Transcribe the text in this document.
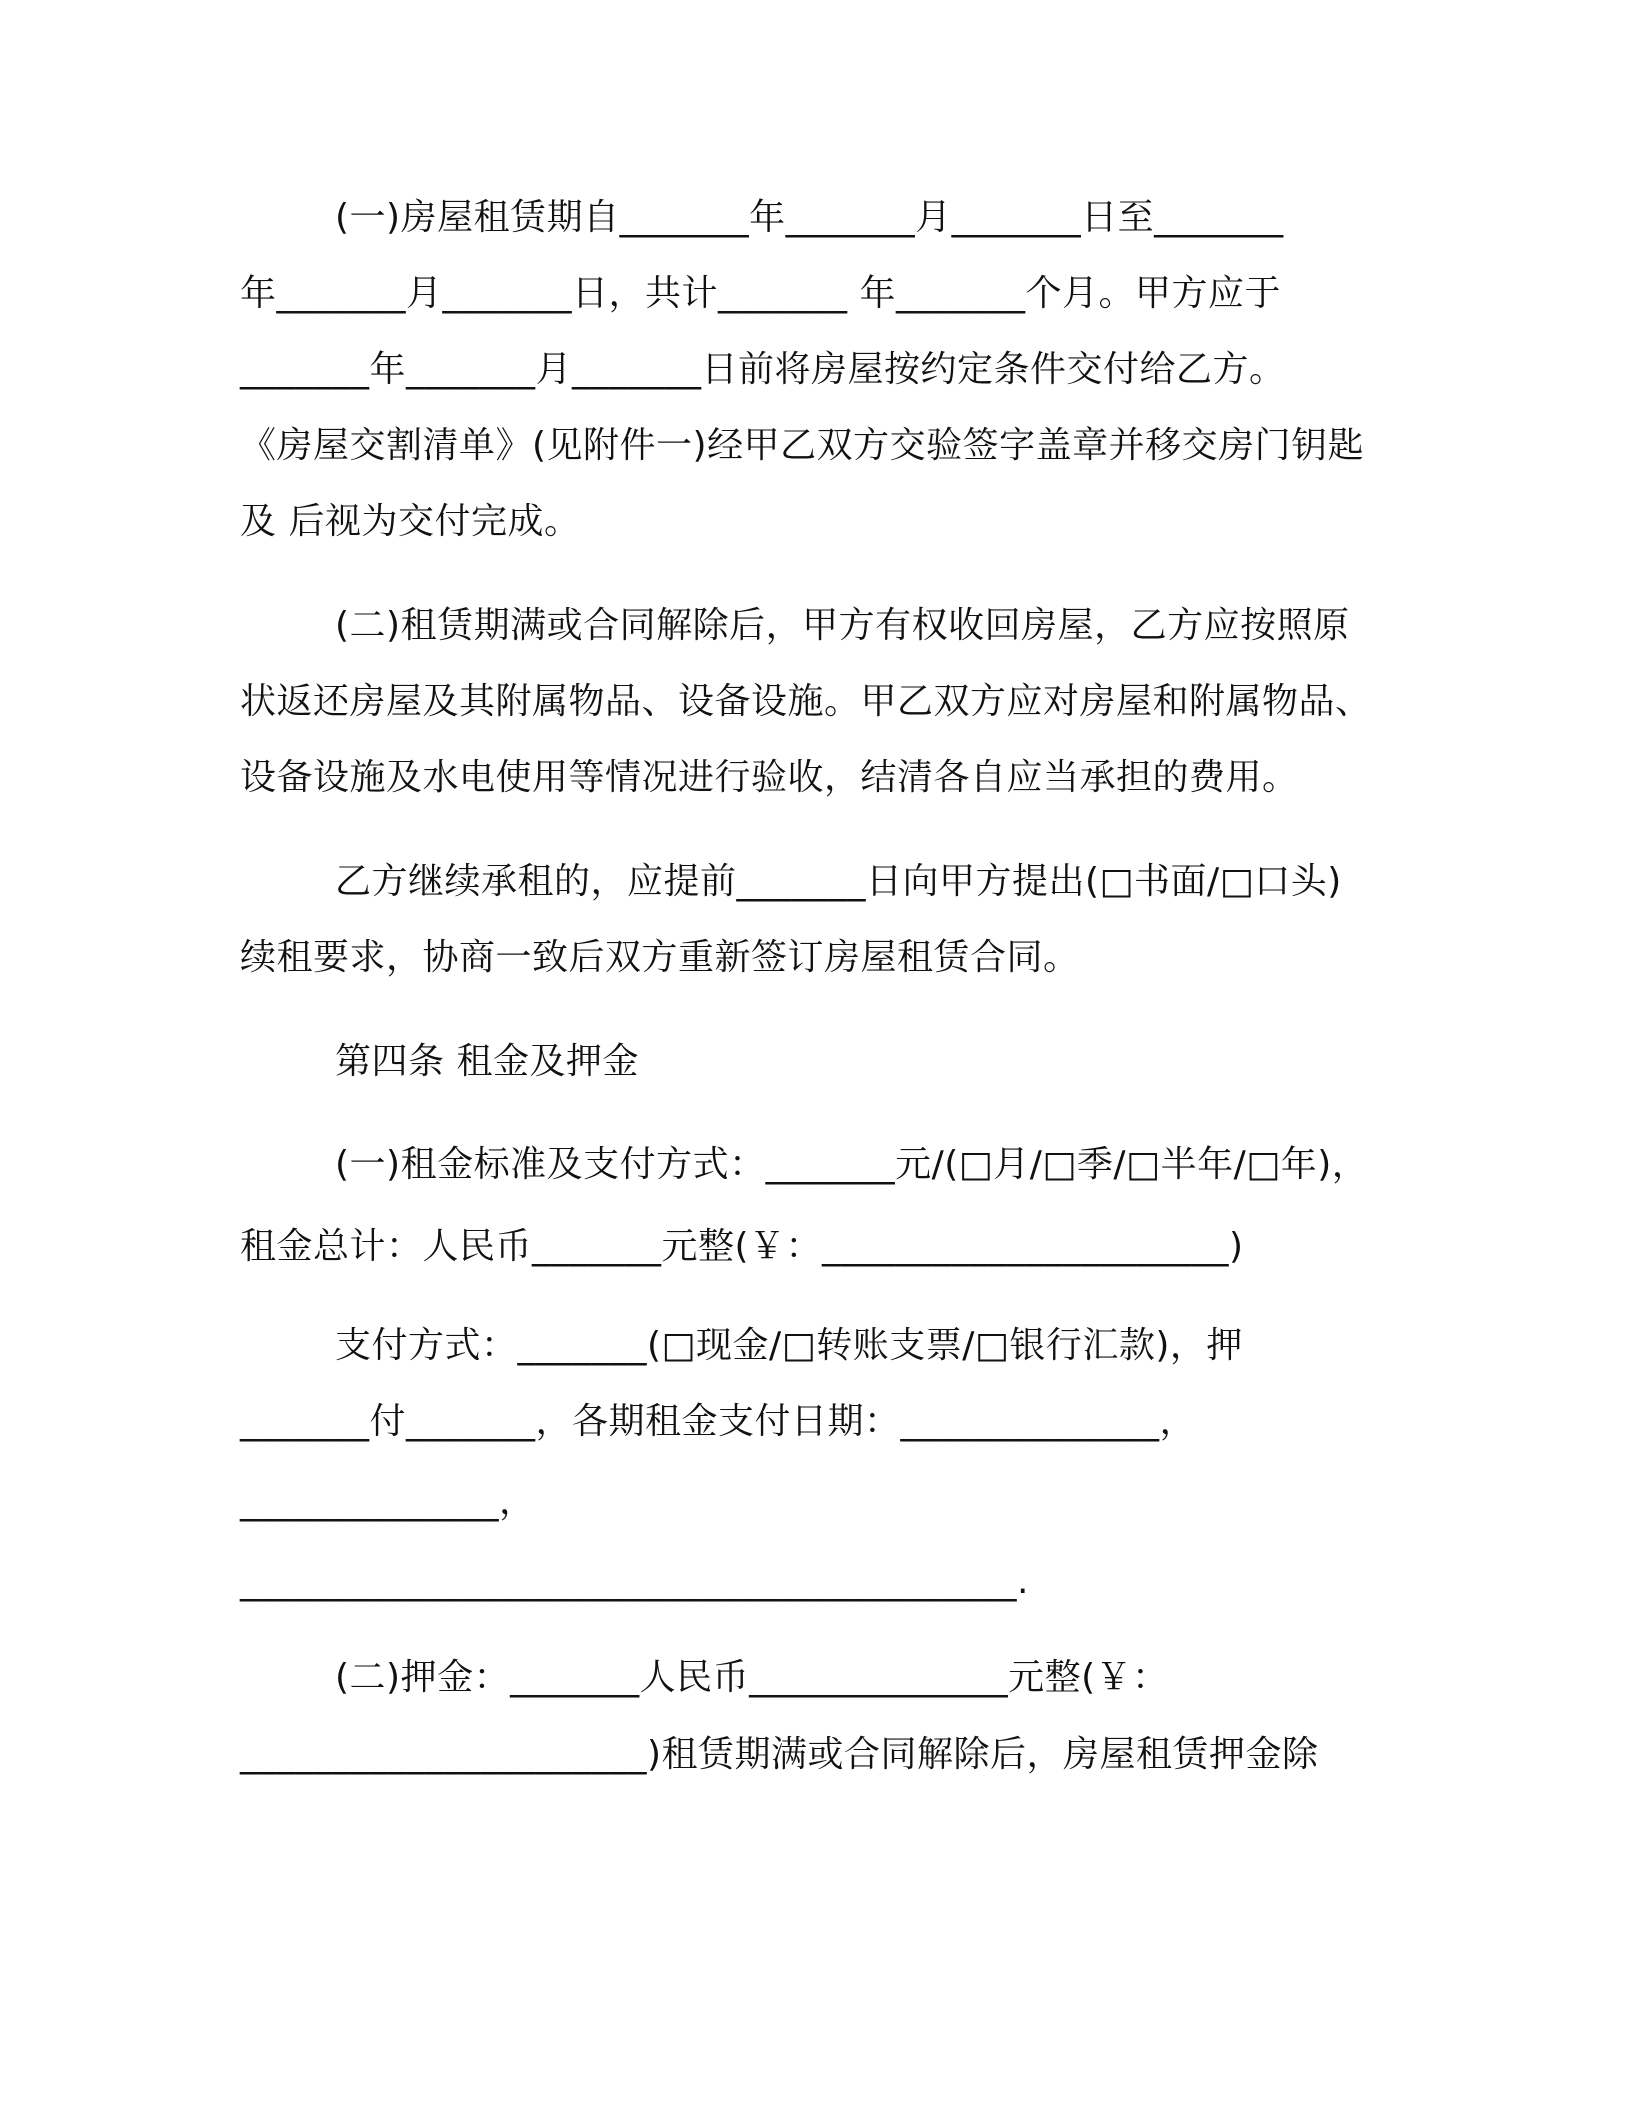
(一)房屋租赁期自_______年_______月_______日至_______
年_______月_______日，共计_______ 年_______个月。甲方应于
_______年_______月_______日前将房屋按约定条件交付给乙方。
《房屋交割清单》(见附件一)经甲乙双方交验签字盖章并移交房门钥匙
及 后视为交付完成。
(二)租赁期满或合同解除后，甲方有权收回房屋，乙方应按照原
状返还房屋及其附属物品、设备设施。甲乙双方应对房屋和附属物品、
设备设施及水电使用等情况进行验收，结清各自应当承担的费用。
乙方继续承租的，应提前_______日向甲方提出(□书面/□口头)
续租要求，协商一致后双方重新签订房屋租赁合同。
第四条 租金及押金
(一)租金标准及支付方式：_______元/(□月/□季/□半年/□年)，
租金总计：人民币_______元整(￥：______________________)
支付方式：_______(□现金/□转账支票/□银行汇款)，押
_______付_______，各期租金支付日期：______________，
______________，
__________________________________________.
(二)押金：_______人民币______________元整(￥：
______________________)租赁期满或合同解除后，房屋租赁押金除
